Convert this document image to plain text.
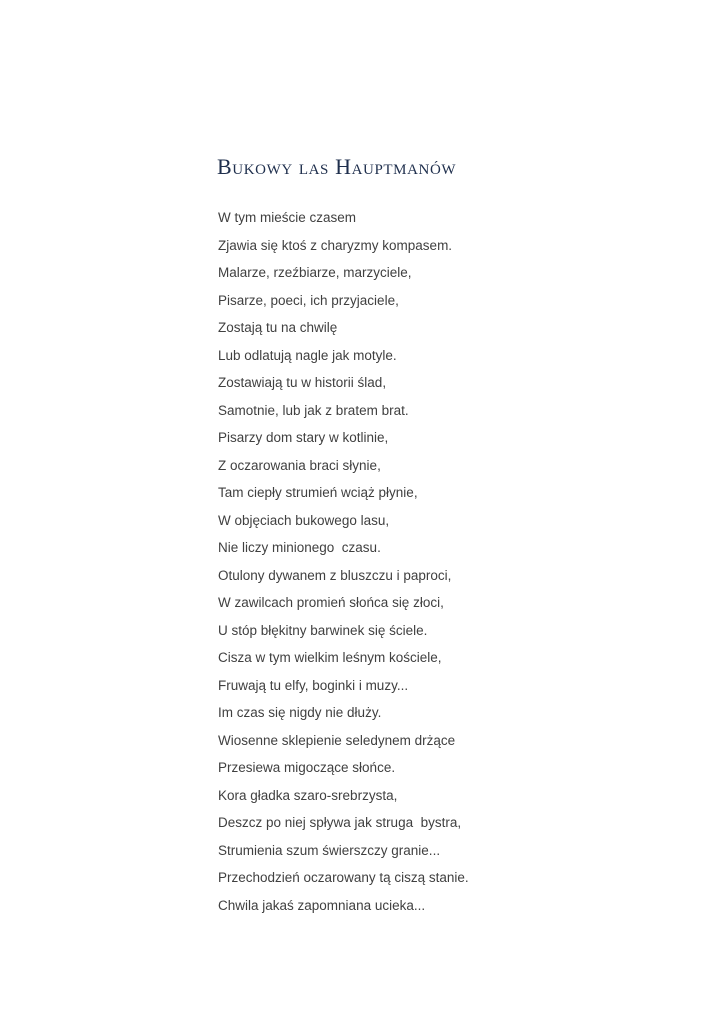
Bukowy las Hauptmanów
W tym mieście czasem
Zjawia się ktoś z charyzmy kompasem.
Malarze, rzeźbiarze, marzyciele,
Pisarze, poeci, ich przyjaciele,
Zostają tu na chwilę
Lub odlatują nagle jak motyle.
Zostawiają tu w historii ślad,
Samotnie, lub jak z bratem brat.
Pisarzy dom stary w kotlinie,
Z oczarowania braci słynie,
Tam ciepły strumień wciąż płynie,
W objęciach bukowego lasu,
Nie liczy minionego  czasu.
Otulony dywanem z bluszczu i paproci,
W zawilcach promień słońca się złoci,
U stóp błękitny barwinek się ściele.
Cisza w tym wielkim leśnym kościele,
Fruwają tu elfy, boginki i muzy...
Im czas się nigdy nie dłuży.
Wiosenne sklepienie seledynem drżące
Przesiewa migoczące słońce.
Kora gładka szaro-srebrzysta,
Deszcz po niej spływa jak struga  bystra,
Strumienia szum świerszczy granie...
Przechodzień oczarowany tą ciszą stanie.
Chwila jakaś zapomniana ucieka...
